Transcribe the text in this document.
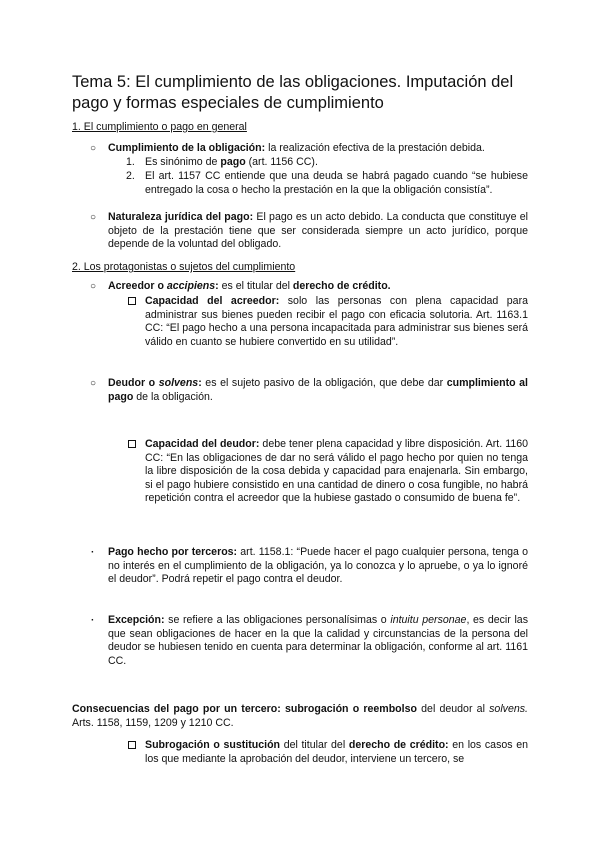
Tema 5: El cumplimiento de las obligaciones. Imputación del pago y formas especiales de cumplimiento

1. El cumplimiento o pago en general

○ Cumplimiento de la obligación: la realización efectiva de la prestación debida.

1. Es sinónimo de pago (art. 1156 CC).

2. El art. 1157 CC entiende que una deuda se habrá pagado cuando “se hubiese entregado la cosa o hecho la prestación en la que la obligación consistía”.

○ Naturaleza jurídica del pago: El pago es un acto debido. La conducta que constituye el objeto de la prestación tiene que ser considerada siempre un acto jurídico, porque depende de la voluntad del obligado.

2. Los protagonistas o sujetos del cumplimiento

○ Acreedor o accipiens: es el titular del derecho de crédito.

Capacidad del acreedor: solo las personas con plena capacidad para administrar sus bienes pueden recibir el pago con eficacia solutoria. Art. 1163.1 CC: “El pago hecho a una persona incapacitada para administrar sus bienes será válido en cuanto se hubiere convertido en su utilidad”.

○ Deudor o solvens: es el sujeto pasivo de la obligación, que debe dar cumplimiento al pago de la obligación.

Capacidad del deudor: debe tener plena capacidad y libre disposición. Art. 1160 CC: “En las obligaciones de dar no será válido el pago hecho por quien no tenga la libre disposición de la cosa debida y capacidad para enajenarla. Sin embargo, si el pago hubiere consistido en una cantidad de dinero o cosa fungible, no habrá repetición contra el acreedor que la hubiese gastado o consumido de buena fe”.

· Pago hecho por terceros: art. 1158.1: “Puede hacer el pago cualquier persona, tenga o no interés en el cumplimiento de la obligación, ya lo conozca y lo apruebe, o ya lo ignoré el deudor”. Podrá repetir el pago contra el deudor.

· Excepción: se refiere a las obligaciones personalísimas o intuitu personae, es decir las que sean obligaciones de hacer en la que la calidad y circunstancias de la persona del deudor se hubiesen tenido en cuenta para determinar la obligación, conforme al art. 1161 CC.

Consecuencias del pago por un tercero: subrogación o reembolso del deudor al solvens. Arts. 1158, 1159, 1209 y 1210 CC.

Subrogación o sustitución del titular del derecho de crédito: en los casos en los que mediante la aprobación del deudor, interviene un tercero, se
